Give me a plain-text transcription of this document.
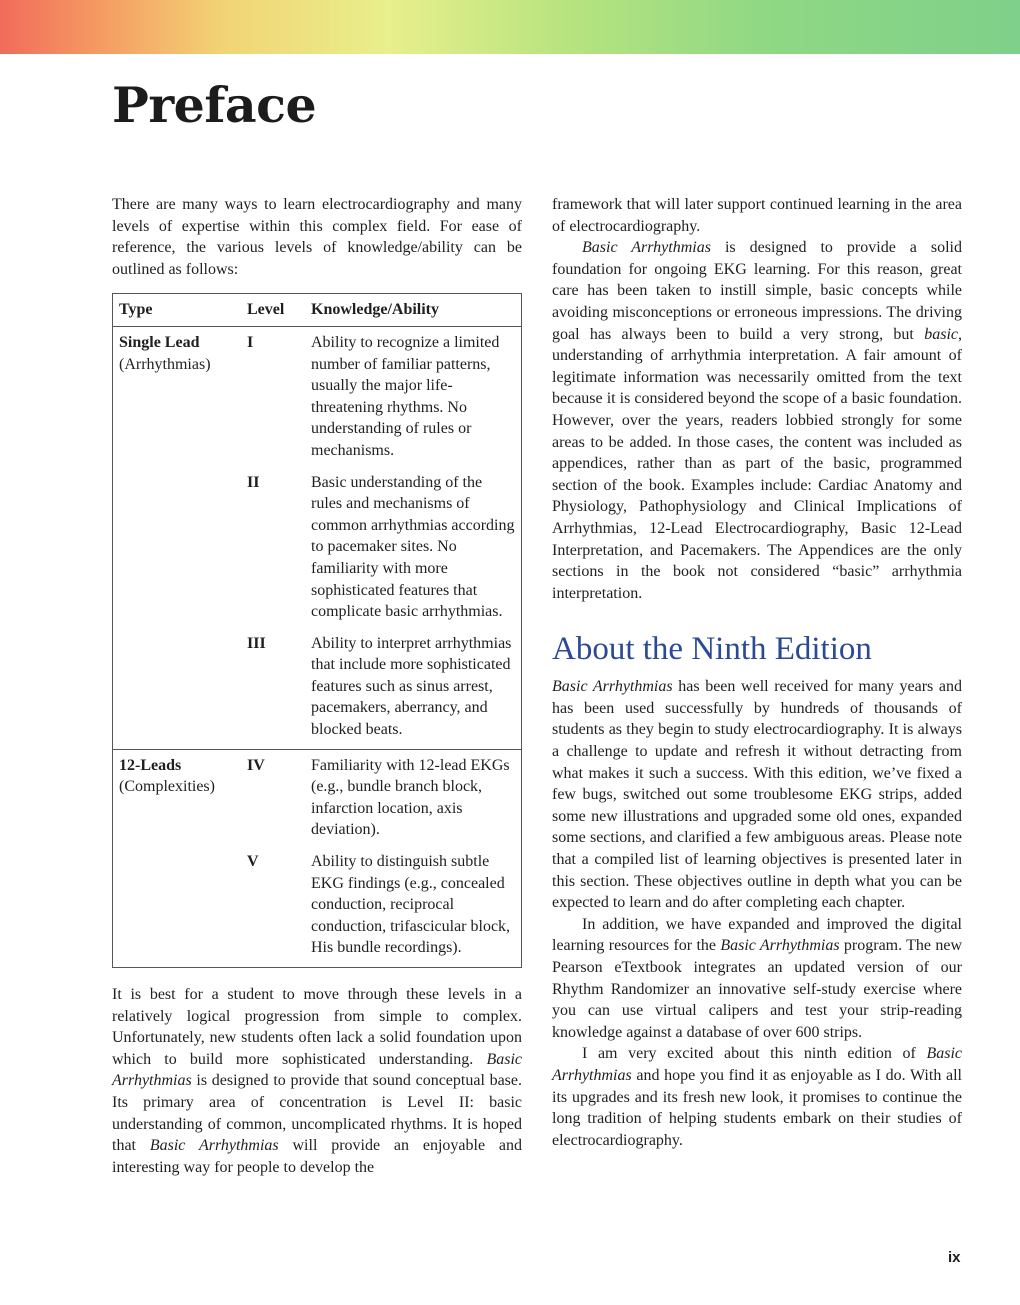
Preface

There are many ways to learn electrocardiography and many levels of expertise within this complex field. For ease of reference, the various levels of knowledge/ability can be outlined as follows:

Type	Level	Knowledge/Ability
Single Lead
(Arrhythmias)	I	Ability to recognize a limited number of familiar patterns, usually the major life-threatening rhythms. No understanding of rules or mechanisms.
	II	Basic understanding of the rules and mechanisms of common arrhythmias according to pacemaker sites. No familiarity with more sophisticated features that complicate basic arrhythmias.
	III	Ability to interpret arrhythmias that include more sophisticated features such as sinus arrest, pacemakers, aberrancy, and blocked beats.
12-Leads
(Complexities)	IV	Familiarity with 12-lead EKGs (e.g., bundle branch block, infarction location, axis deviation).
	V	Ability to distinguish subtle EKG findings (e.g., concealed conduction, reciprocal conduction, trifascicular block, His bundle recordings).

It is best for a student to move through these levels in a relatively logical progression from simple to complex. Unfortunately, new students often lack a solid foundation upon which to build more sophisticated understanding. Basic Arrhythmias is designed to provide that sound conceptual base. Its primary area of concentration is Level II: basic understanding of common, uncomplicated rhythms. It is hoped that Basic Arrhythmias will provide an enjoyable and interesting way for people to develop the

framework that will later support continued learning in the area of electrocardiography.

Basic Arrhythmias is designed to provide a solid foundation for ongoing EKG learning. For this reason, great care has been taken to instill simple, basic concepts while avoiding misconceptions or erroneous impressions. The driving goal has always been to build a very strong, but basic, understanding of arrhythmia interpretation. A fair amount of legitimate information was necessarily omitted from the text because it is considered beyond the scope of a basic foundation. However, over the years, readers lobbied strongly for some areas to be added. In those cases, the content was included as appendices, rather than as part of the basic, programmed section of the book. Examples include: Cardiac Anatomy and Physiology, Pathophysiology and Clinical Implications of Arrhythmias, 12-Lead Electrocardiography, Basic 12-Lead Interpretation, and Pacemakers. The Appendices are the only sections in the book not considered “basic” arrhythmia interpretation.

About the Ninth Edition

Basic Arrhythmias has been well received for many years and has been used successfully by hundreds of thousands of students as they begin to study electrocardiography. It is always a challenge to update and refresh it without detracting from what makes it such a success. With this edition, we’ve fixed a few bugs, switched out some troublesome EKG strips, added some new illustrations and upgraded some old ones, expanded some sections, and clarified a few ambiguous areas. Please note that a compiled list of learning objectives is presented later in this section. These objectives outline in depth what you can be expected to learn and do after completing each chapter.

In addition, we have expanded and improved the digital learning resources for the Basic Arrhythmias program. The new Pearson eTextbook integrates an updated version of our Rhythm Randomizer an innovative self-study exercise where you can use virtual calipers and test your strip-reading knowledge against a database of over 600 strips.

I am very excited about this ninth edition of Basic Arrhythmias and hope you find it as enjoyable as I do. With all its upgrades and its fresh new look, it promises to continue the long tradition of helping students embark on their studies of electrocardiography.

ix
